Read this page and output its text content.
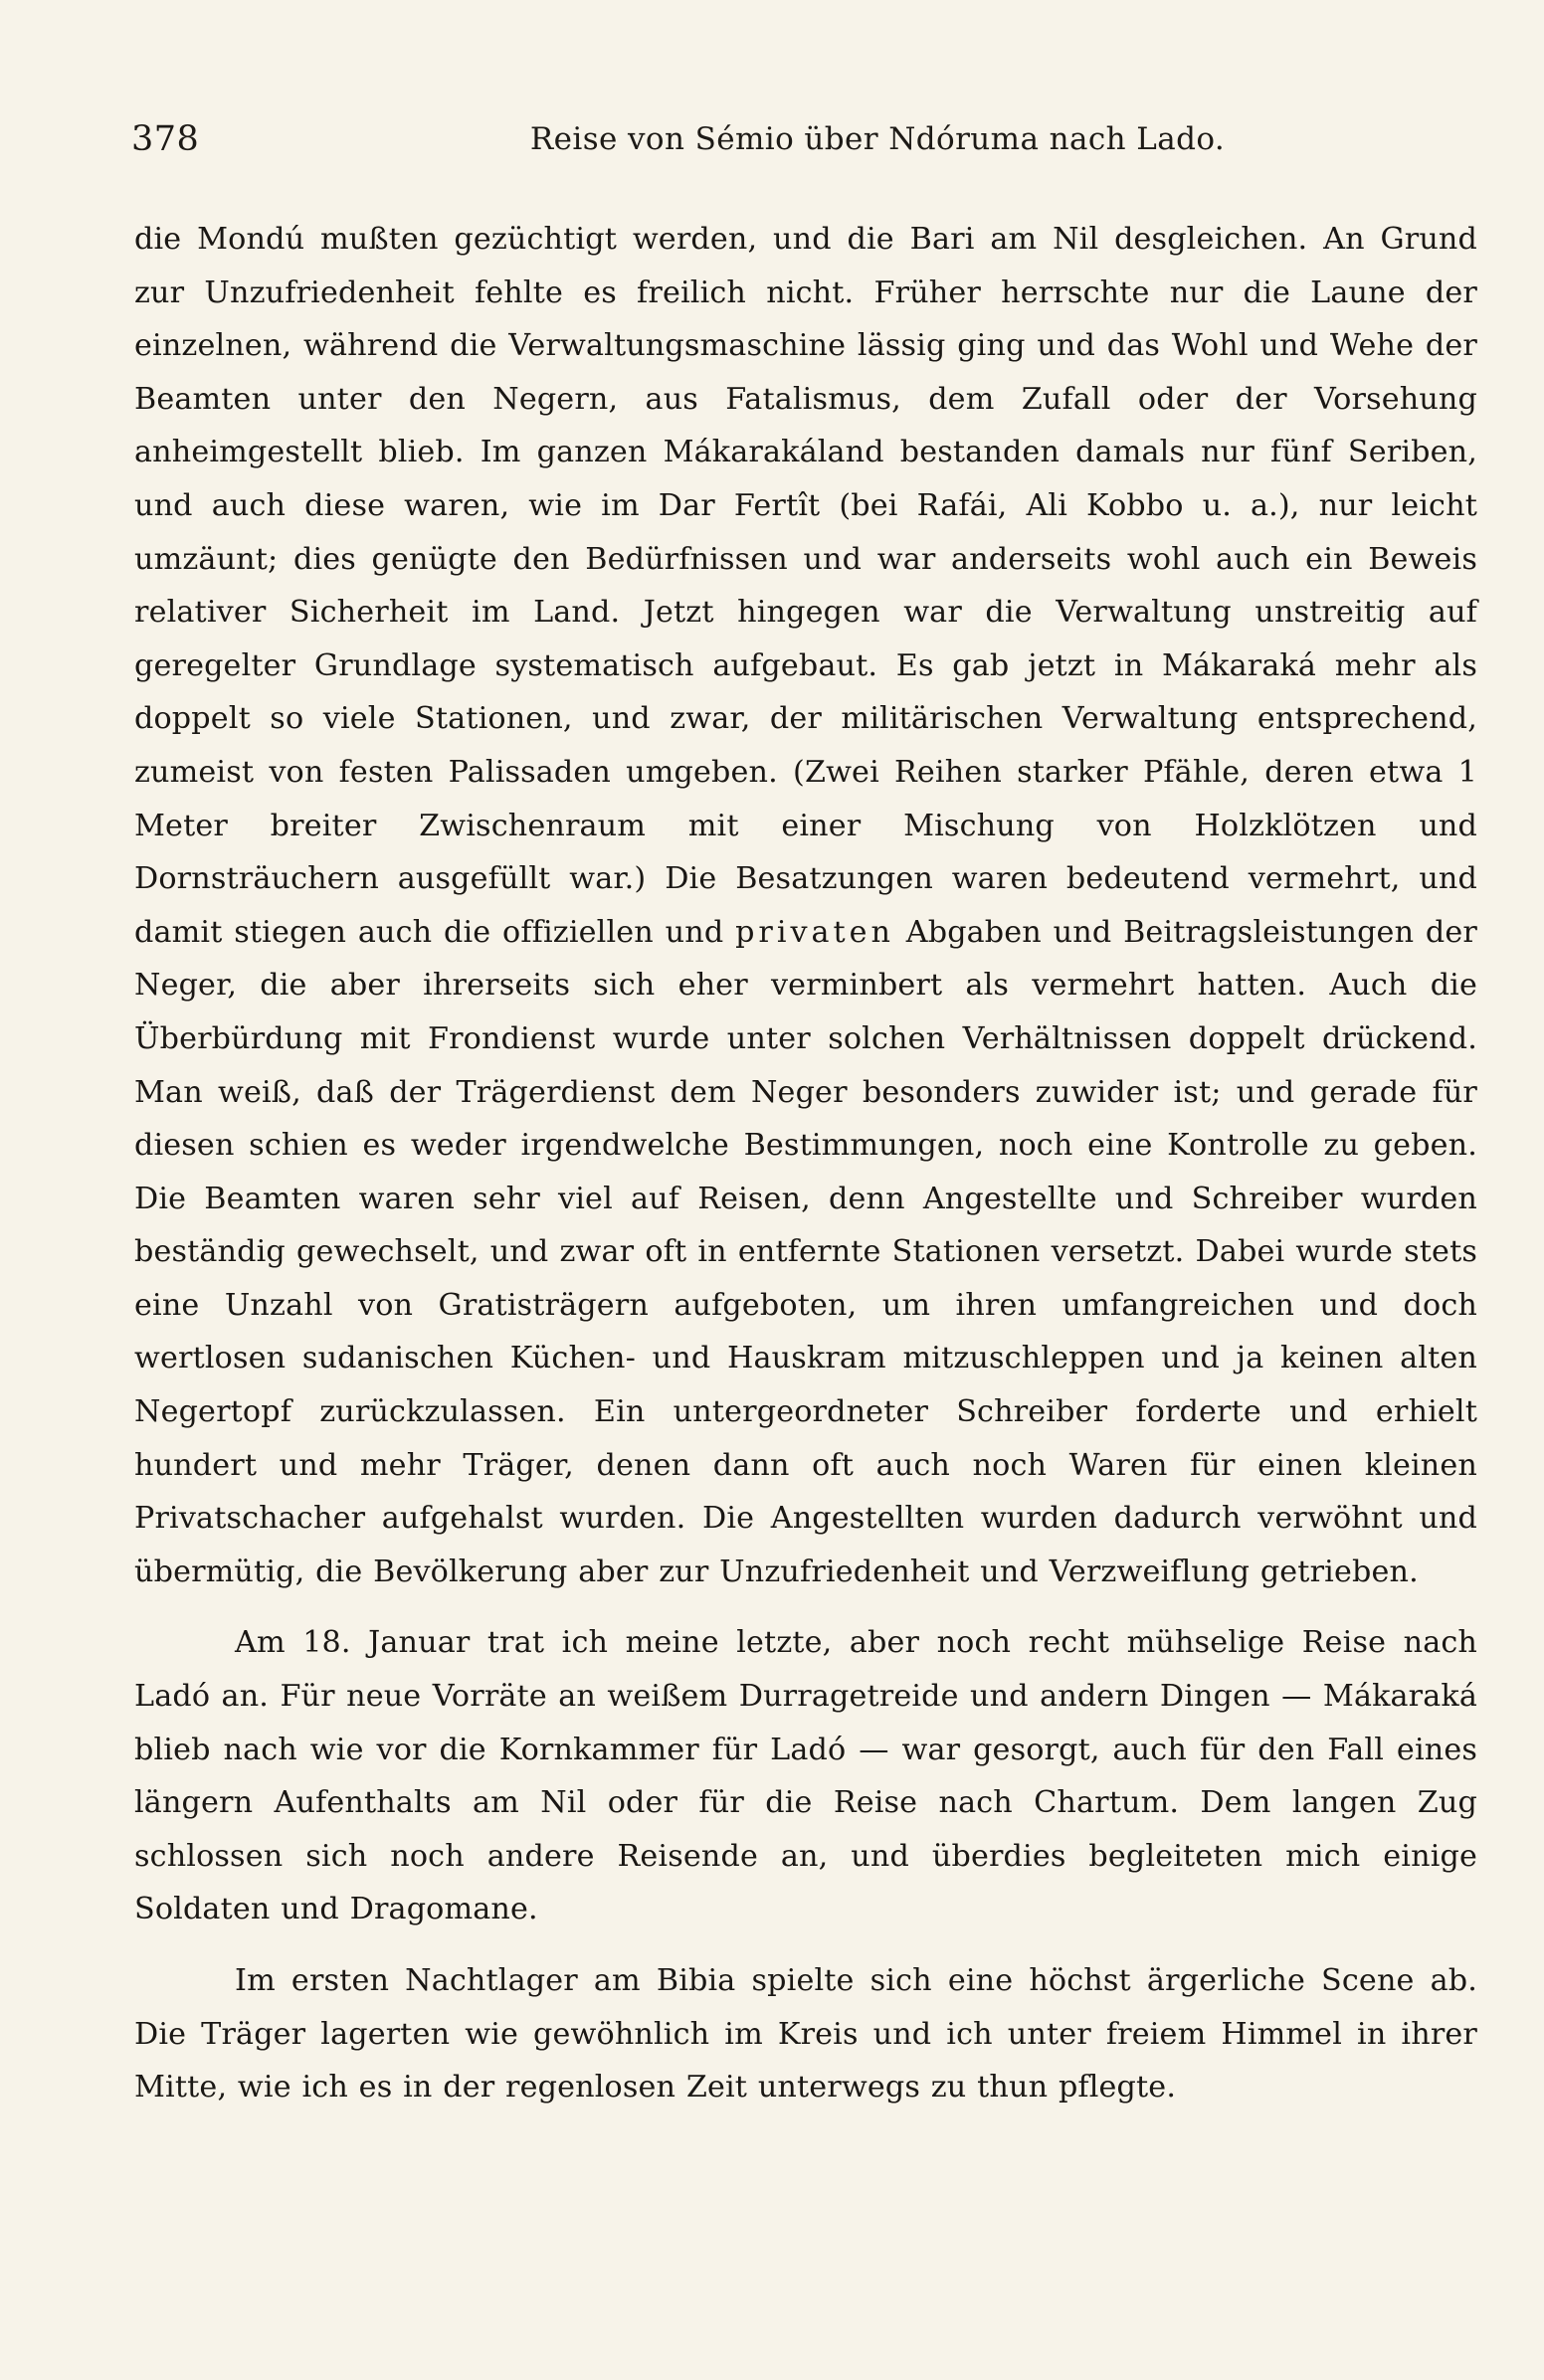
378	Reise von Sémio über Ndóruma nach Lado.

die Mondú mußten gezüchtigt werden, und die Bari am Nil desgleichen. An Grund zur Unzufriedenheit fehlte es freilich nicht. Früher herrschte nur die Laune der einzelnen, während die Verwaltungsmaschine lässig ging und das Wohl und Wehe der Beamten unter den Negern, aus Fatalismus, dem Zufall oder der Vorsehung anheimgestellt blieb. Im ganzen Mákarakáland bestanden damals nur fünf Seriben, und auch diese waren, wie im Dar Fertît (bei Rafái, Ali Kobbo u. a.), nur leicht umzäunt; dies genügte den Bedürfnissen und war anderseits wohl auch ein Beweis relativer Sicherheit im Land. Jetzt hingegen war die Verwaltung unstreitig auf geregelter Grundlage systematisch aufgebaut. Es gab jetzt in Mákaraká mehr als doppelt so viele Stationen, und zwar, der militärischen Verwaltung entsprechend, zumeist von festen Palissaden umgeben. (Zwei Reihen starker Pfähle, deren etwa 1 Meter breiter Zwischenraum mit einer Mischung von Holzklötzen und Dornsträuchern ausgefüllt war.) Die Besatzungen waren bedeutend vermehrt, und damit stiegen auch die offiziellen und privaten Abgaben und Beitragsleistungen der Neger, die aber ihrerseits sich eher verminbert als vermehrt hatten. Auch die Überbürdung mit Frondienst wurde unter solchen Verhältnissen doppelt drückend. Man weiß, daß der Trägerdienst dem Neger besonders zuwider ist; und gerade für diesen schien es weder irgendwelche Bestimmungen, noch eine Kontrolle zu geben. Die Beamten waren sehr viel auf Reisen, denn Angestellte und Schreiber wurden beständig gewechselt, und zwar oft in entfernte Stationen versetzt. Dabei wurde stets eine Unzahl von Gratisträgern aufgeboten, um ihren umfangreichen und doch wertlosen sudanischen Küchen- und Hauskram mitzuschleppen und ja keinen alten Negertopf zurückzulassen. Ein untergeordneter Schreiber forderte und erhielt hundert und mehr Träger, denen dann oft auch noch Waren für einen kleinen Privatschacher aufgehalst wurden. Die Angestellten wurden dadurch verwöhnt und übermütig, die Bevölkerung aber zur Unzufriedenheit und Verzweiflung getrieben.

Am 18. Januar trat ich meine letzte, aber noch recht mühselige Reise nach Ladó an. Für neue Vorräte an weißem Durragetreide und andern Dingen — Mákaraká blieb nach wie vor die Kornkammer für Ladó — war gesorgt, auch für den Fall eines längern Aufenthalts am Nil oder für die Reise nach Chartum. Dem langen Zug schlossen sich noch andere Reisende an, und überdies begleiteten mich einige Soldaten und Dragomane.

Im ersten Nachtlager am Bibia spielte sich eine höchst ärgerliche Scene ab. Die Träger lagerten wie gewöhnlich im Kreis und ich unter freiem Himmel in ihrer Mitte, wie ich es in der regenlosen Zeit unterwegs zu thun pflegte.
